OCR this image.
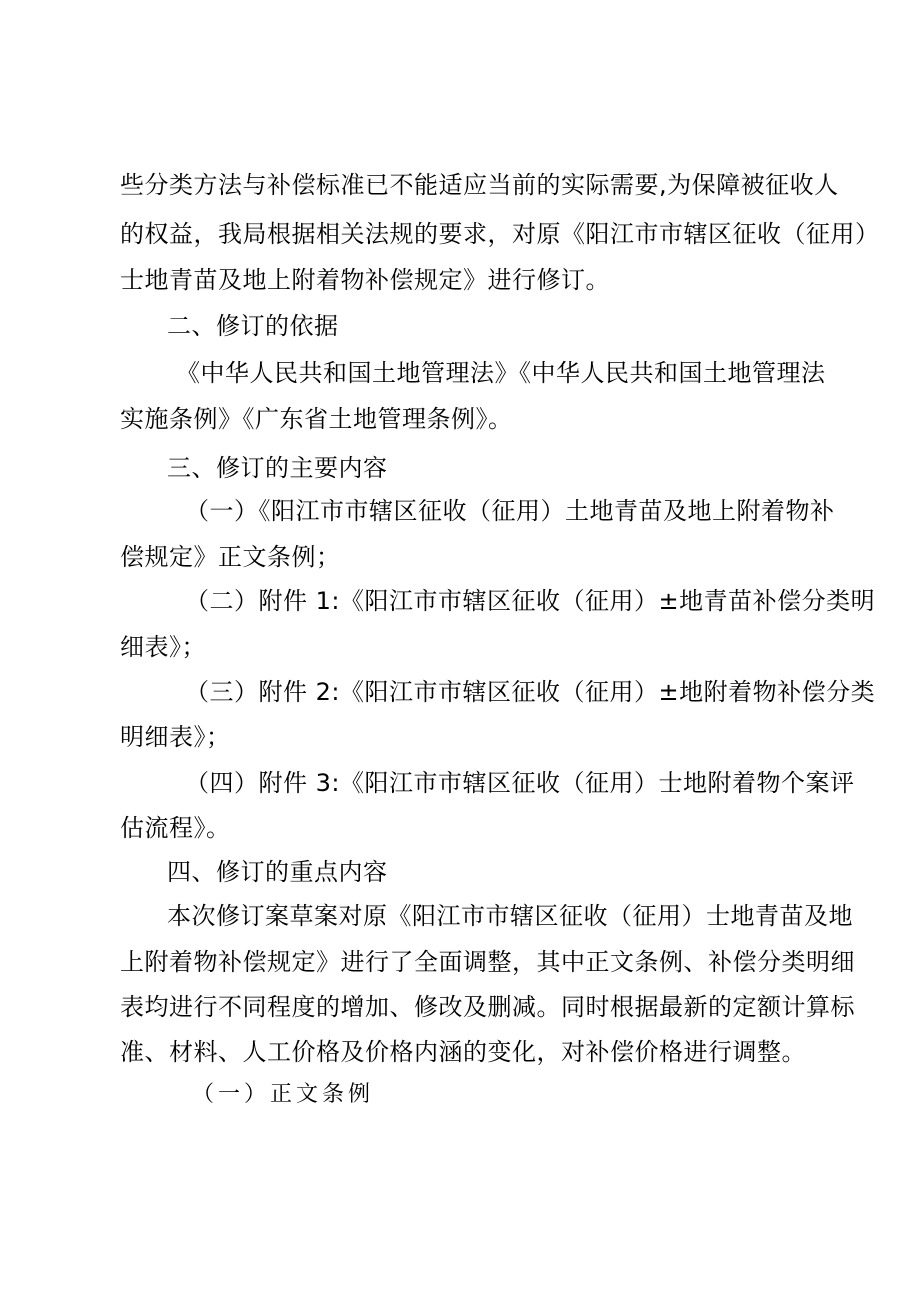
些分类方法与补偿标准已不能适应当前的实际需要,为保障被征收人
的权益，我局根据相关法规的要求，对原《阳江市市辖区征收（征用）
士地青苗及地上附着物补偿规定》进行修订。
二、修订的依据
《中华人民共和国土地管理法》《中华人民共和国土地管理法
实施条例》《广东省土地管理条例》。
三、修订的主要内容
（一）《阳江市市辖区征收（征用）土地青苗及地上附着物补
偿规定》正文条例；
（二）附件 1:《阳江市市辖区征收（征用）±地青苗补偿分类明
细表》；
（三）附件 2:《阳江市市辖区征收（征用）±地附着物补偿分类
明细表》；
（四）附件 3:《阳江市市辖区征收（征用）士地附着物个案评
估流程》。
四、修订的重点内容
本次修订案草案对原《阳江市市辖区征收（征用）士地青苗及地
上附着物补偿规定》进行了全面调整，其中正文条例、补偿分类明细
表均进行不同程度的增加、修改及删减。同时根据最新的定额计算标
准、材料、人工价格及价格内涵的变化，对补偿价格进行调整。
（一）正文条例
